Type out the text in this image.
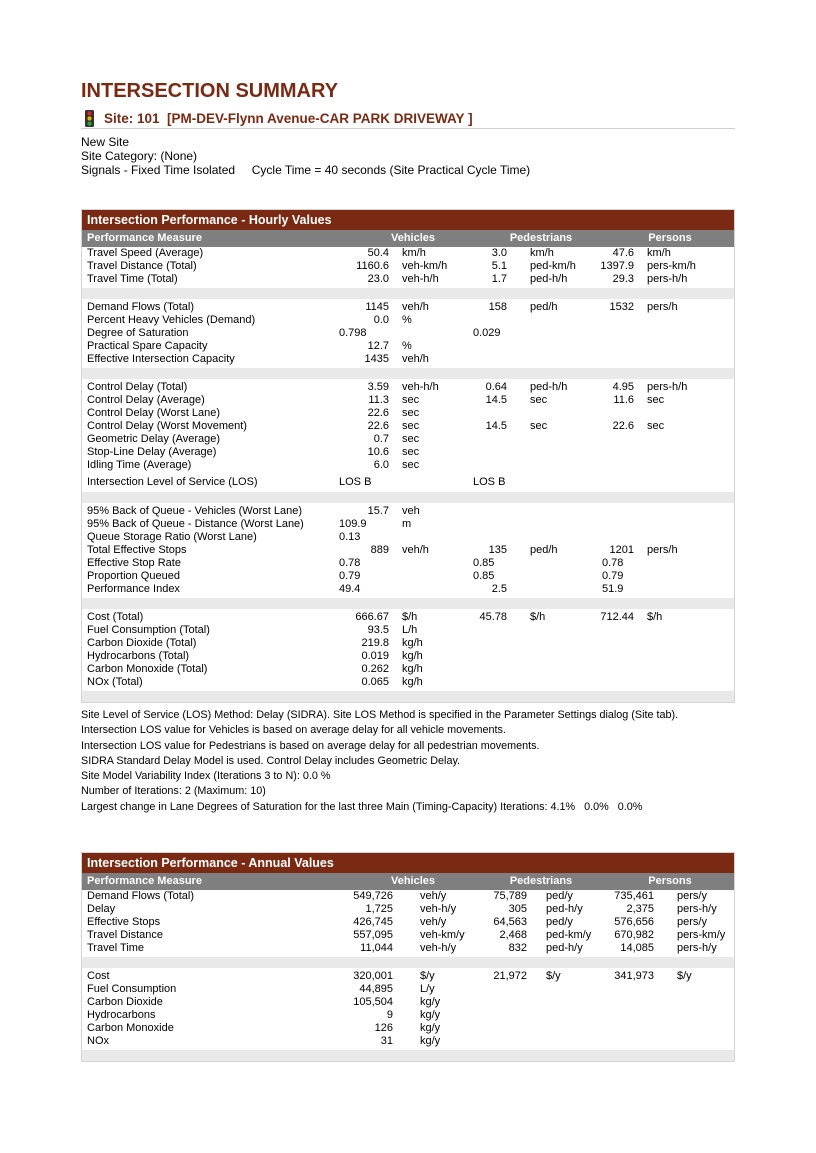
INTERSECTION SUMMARY
Site: 101  [PM-DEV-Flynn Avenue-CAR PARK DRIVEWAY ]
New Site
Site Category: (None)
Signals - Fixed Time Isolated     Cycle Time = 40 seconds (Site Practical Cycle Time)
Intersection Performance - Hourly Values
Performance Measure	Vehicles	Pedestrians	Persons
Travel Speed (Average)	50.4 km/h	3.0 km/h	47.6 km/h
Travel Distance (Total)	1160.6 veh-km/h	5.1 ped-km/h	1397.9 pers-km/h
Travel Time (Total)	23.0 veh-h/h	1.7 ped-h/h	29.3 pers-h/h
Demand Flows (Total)	1145 veh/h	158 ped/h	1532 pers/h
Percent Heavy Vehicles (Demand)	0.0 %
Degree of Saturation	0.798	0.029
Practical Spare Capacity	12.7 %
Effective Intersection Capacity	1435 veh/h
Control Delay (Total)	3.59 veh-h/h	0.64 ped-h/h	4.95 pers-h/h
Control Delay (Average)	11.3 sec	14.5 sec	11.6 sec
Control Delay (Worst Lane)	22.6 sec
Control Delay (Worst Movement)	22.6 sec	14.5 sec	22.6 sec
Geometric Delay (Average)	0.7 sec
Stop-Line Delay (Average)	10.6 sec
Idling Time (Average)	6.0 sec
Intersection Level of Service (LOS)	LOS B	LOS B
95% Back of Queue - Vehicles (Worst Lane)	15.7 veh
95% Back of Queue - Distance (Worst Lane)	109.9	m
Queue Storage Ratio (Worst Lane)	0.13
Total Effective Stops	889 veh/h	135 ped/h	1201 pers/h
Effective Stop Rate	0.78	0.85	0.78
Proportion Queued	0.79	0.85	0.79
Performance Index	49.4	2.5	51.9
Cost (Total)	666.67 $/h	45.78 $/h	712.44 $/h
Fuel Consumption (Total)	93.5 L/h
Carbon Dioxide (Total)	219.8 kg/h
Hydrocarbons (Total)	0.019 kg/h
Carbon Monoxide (Total)	0.262 kg/h
NOx (Total)	0.065 kg/h
Site Level of Service (LOS) Method: Delay (SIDRA). Site LOS Method is specified in the Parameter Settings dialog (Site tab).
Intersection LOS value for Vehicles is based on average delay for all vehicle movements.
Intersection LOS value for Pedestrians is based on average delay for all pedestrian movements.
SIDRA Standard Delay Model is used. Control Delay includes Geometric Delay.
Site Model Variability Index (Iterations 3 to N): 0.0 %
Number of Iterations: 2 (Maximum: 10)
Largest change in Lane Degrees of Saturation for the last three Main (Timing-Capacity) Iterations: 4.1%   0.0%   0.0%
Intersection Performance - Annual Values
Performance Measure	Vehicles	Pedestrians	Persons
Demand Flows (Total)	549,726 veh/y	75,789 ped/y	735,461 pers/y
Delay	1,725 veh-h/y	305 ped-h/y	2,375 pers-h/y
Effective Stops	426,745 veh/y	64,563 ped/y	576,656 pers/y
Travel Distance	557,095 veh-km/y	2,468 ped-km/y	670,982 pers-km/y
Travel Time	11,044 veh-h/y	832 ped-h/y	14,085 pers-h/y
Cost	320,001 $/y	21,972 $/y	341,973 $/y
Fuel Consumption	44,895 L/y
Carbon Dioxide	105,504 kg/y
Hydrocarbons	9 kg/y
Carbon Monoxide	126 kg/y
NOx	31 kg/y
